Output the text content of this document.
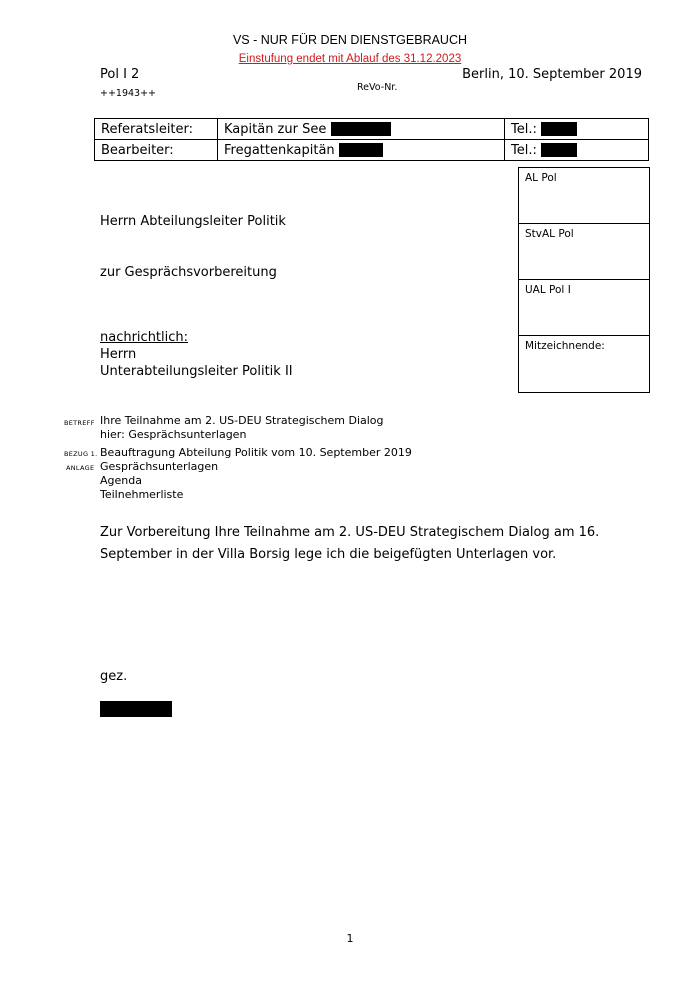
VS - NUR FÜR DEN DIENSTGEBRAUCH
Einstufung endet mit Ablauf des 31.12.2023
Pol I 2
++1943++
ReVo-Nr.
Berlin, 10. September 2019
Referatsleiter:	Kapitän zur See	Tel.:
Bearbeiter:	Fregattenkapitän	Tel.:
AL Pol
StvAL Pol
UAL Pol I
Mitzeichnende:
Herrn Abteilungsleiter Politik
zur Gesprächsvorbereitung
nachrichtlich:
Herrn
Unterabteilungsleiter Politik II
BETREFF Ihre Teilnahme am 2. US-DEU Strategischem Dialog
hier: Gesprächsunterlagen
BEZUG 1. Beauftragung Abteilung Politik vom 10. September 2019
ANLAGE Gesprächsunterlagen
Agenda
Teilnehmerliste
Zur Vorbereitung Ihre Teilnahme am 2. US-DEU Strategischem Dialog am 16. September in der Villa Borsig lege ich die beigefügten Unterlagen vor.
gez.
1
